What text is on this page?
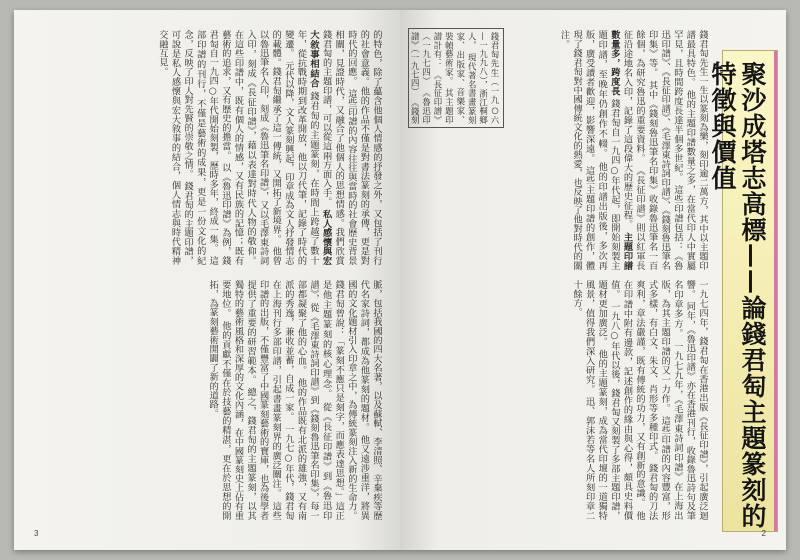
的特色，除了蘊含他個人情感的抒發之外，又包括了刊行的社會意義。他的作品不僅是對書法篆刻的承傳，更是對時代的回應。 這些印譜的內容往往與當時的社會歷史背景相關，見證時代，又融合了他個人的思想情感。我們欣賞錢君匋的主題印譜，可以從這兩方面入手。 私人感懷與宏大敘事相結合 錢君匋的主題篆刻，在時間上跨越了數十年，從抗戰時期到改革開放，他以刀代筆，記錄了時代的變遷。 元代以降，文人篆刻興起，印章成為文人抒發情志的載體。錢君匋繼承了這一傳統，又開拓了新境界。 他曾以魯迅筆名入印，刻成《魯迅筆名印譜》，又以毛澤東詩詞入印，刻成《長征印譜》，藉以表達對時代人物的敬仰。 在這些印譜中，既有個人的情感，又有民族的記憶；既有藝術的追求，又有歷史的擔當。 以《魯迅印譜》為例，錢君匋自一九四○年代開始刻製，歷時多年，終成一集。 這部印譜的刊行，不僅是藝術的成果，更是一份文化的紀念，反映了印人對先賢的崇敬之情。 錢君匋的主題印譜，可說是私人感懷與宏大敘事的結合，個人情志與時代精神交融互見。
脈，包括我國的四大名著，以及蘇軾、李清照、辛棄疾等歷代名家詩詞，都成為他篆刻的題材。 他又遠涉重洋，將異國的文化題材引入印章之中，為傳統篆刻注入新的生命力。 錢君匋曾說：「篆刻不應只是刻字，而應表達思想。」這正是他主題篆刻的核心理念。 從《長征印譜》到《魯迅印譜》，從《毛澤東詩詞印譜》到《錢刻魯迅筆名印集》，每一部都凝聚了他的心血。 他的作品既有北派的雄強，又有南派的秀逸，兼收並蓄，自成一家。 一九七○年代，錢君匋在上海刊行多部印譜，引起書畫篆刻界的廣泛關注。 這些印譜的出版，不僅豐富了中國篆刻藝術的寶庫，也為後學者提供了重要的研習範本。 總之，錢君匋的主題篆刻，以其獨特的藝術風格和深厚的文化內涵，在中國篆刻史上佔有重要地位。 他的貢獻不僅在於技藝的精湛，更在於思想的開拓，為篆刻藝術開闢了新的道路。
3
聚沙成塔志高標——論錢君匋主題篆刻的特徵與價值
錢君匋先生（一九○六—一九九八），浙江桐鄉人， 現代著名書畫篆刻家、出版家、音樂家、裝幀藝術家。 其主題印譜計有： 《長征印譜》（一九七四） 《魯迅印譜》（一九七四） 《錢刻	錢君匋先生一生以篆刻為樂，刻印逾二萬方，其中以主題印譜最具特色。 他的主題印譜數量之多，在當代印人中實屬罕見，且時間跨度長達半個多世紀。 這些印譜包括：《魯迅印譜》、《長征印譜》、《毛澤東詩詞印譜》、《錢刻魯迅筆名印集》等。 其中《錢刻魯迅筆名印集》收錄魯迅筆名一百餘個，為研究魯迅的重要資料。 《長征印譜》則以紅軍長征沿途地名入印，記錄了這段偉大的歷史征程。 主題印譜數量多，跨度長 錢君匋自一九四○年代起，即開始刻製主題印譜，至晚年仍創作不輟。 他的印譜出版後，多次再版，廣受讀者歡迎，影響深遠。 這些主題印譜的創作，體現了錢君匋對中國傳統文化的熱愛，也反映了他對時代的關注。
一九七四年，錢君匋在香港出版《長征印譜》，引起廣泛迴響。 同年，《魯迅印譜》亦在香港刊行，收錄魯迅詩句及筆名印章多方。 一九七九年，《毛澤東詩詞印譜》在上海出版，為其主題印譜的又一力作。 這些印譜的內容豐富，形式多樣，有白文、朱文、肖形等多種印式。 錢君匋的刀法爽利，章法嚴謹，既有傳統的功力，又有創新的意識。 他在印譜中附有邊款，記述創作的緣由與心得，頗具史料價值。 一九八○年代以後，錢君匋又刻製了多部主題印譜，題材更加廣泛。 他的主題篆刻，成為當代印壇的一道獨特風景，值得我們深入研究。 迅、郭沫若等名人所刻印章二十餘方。
2
